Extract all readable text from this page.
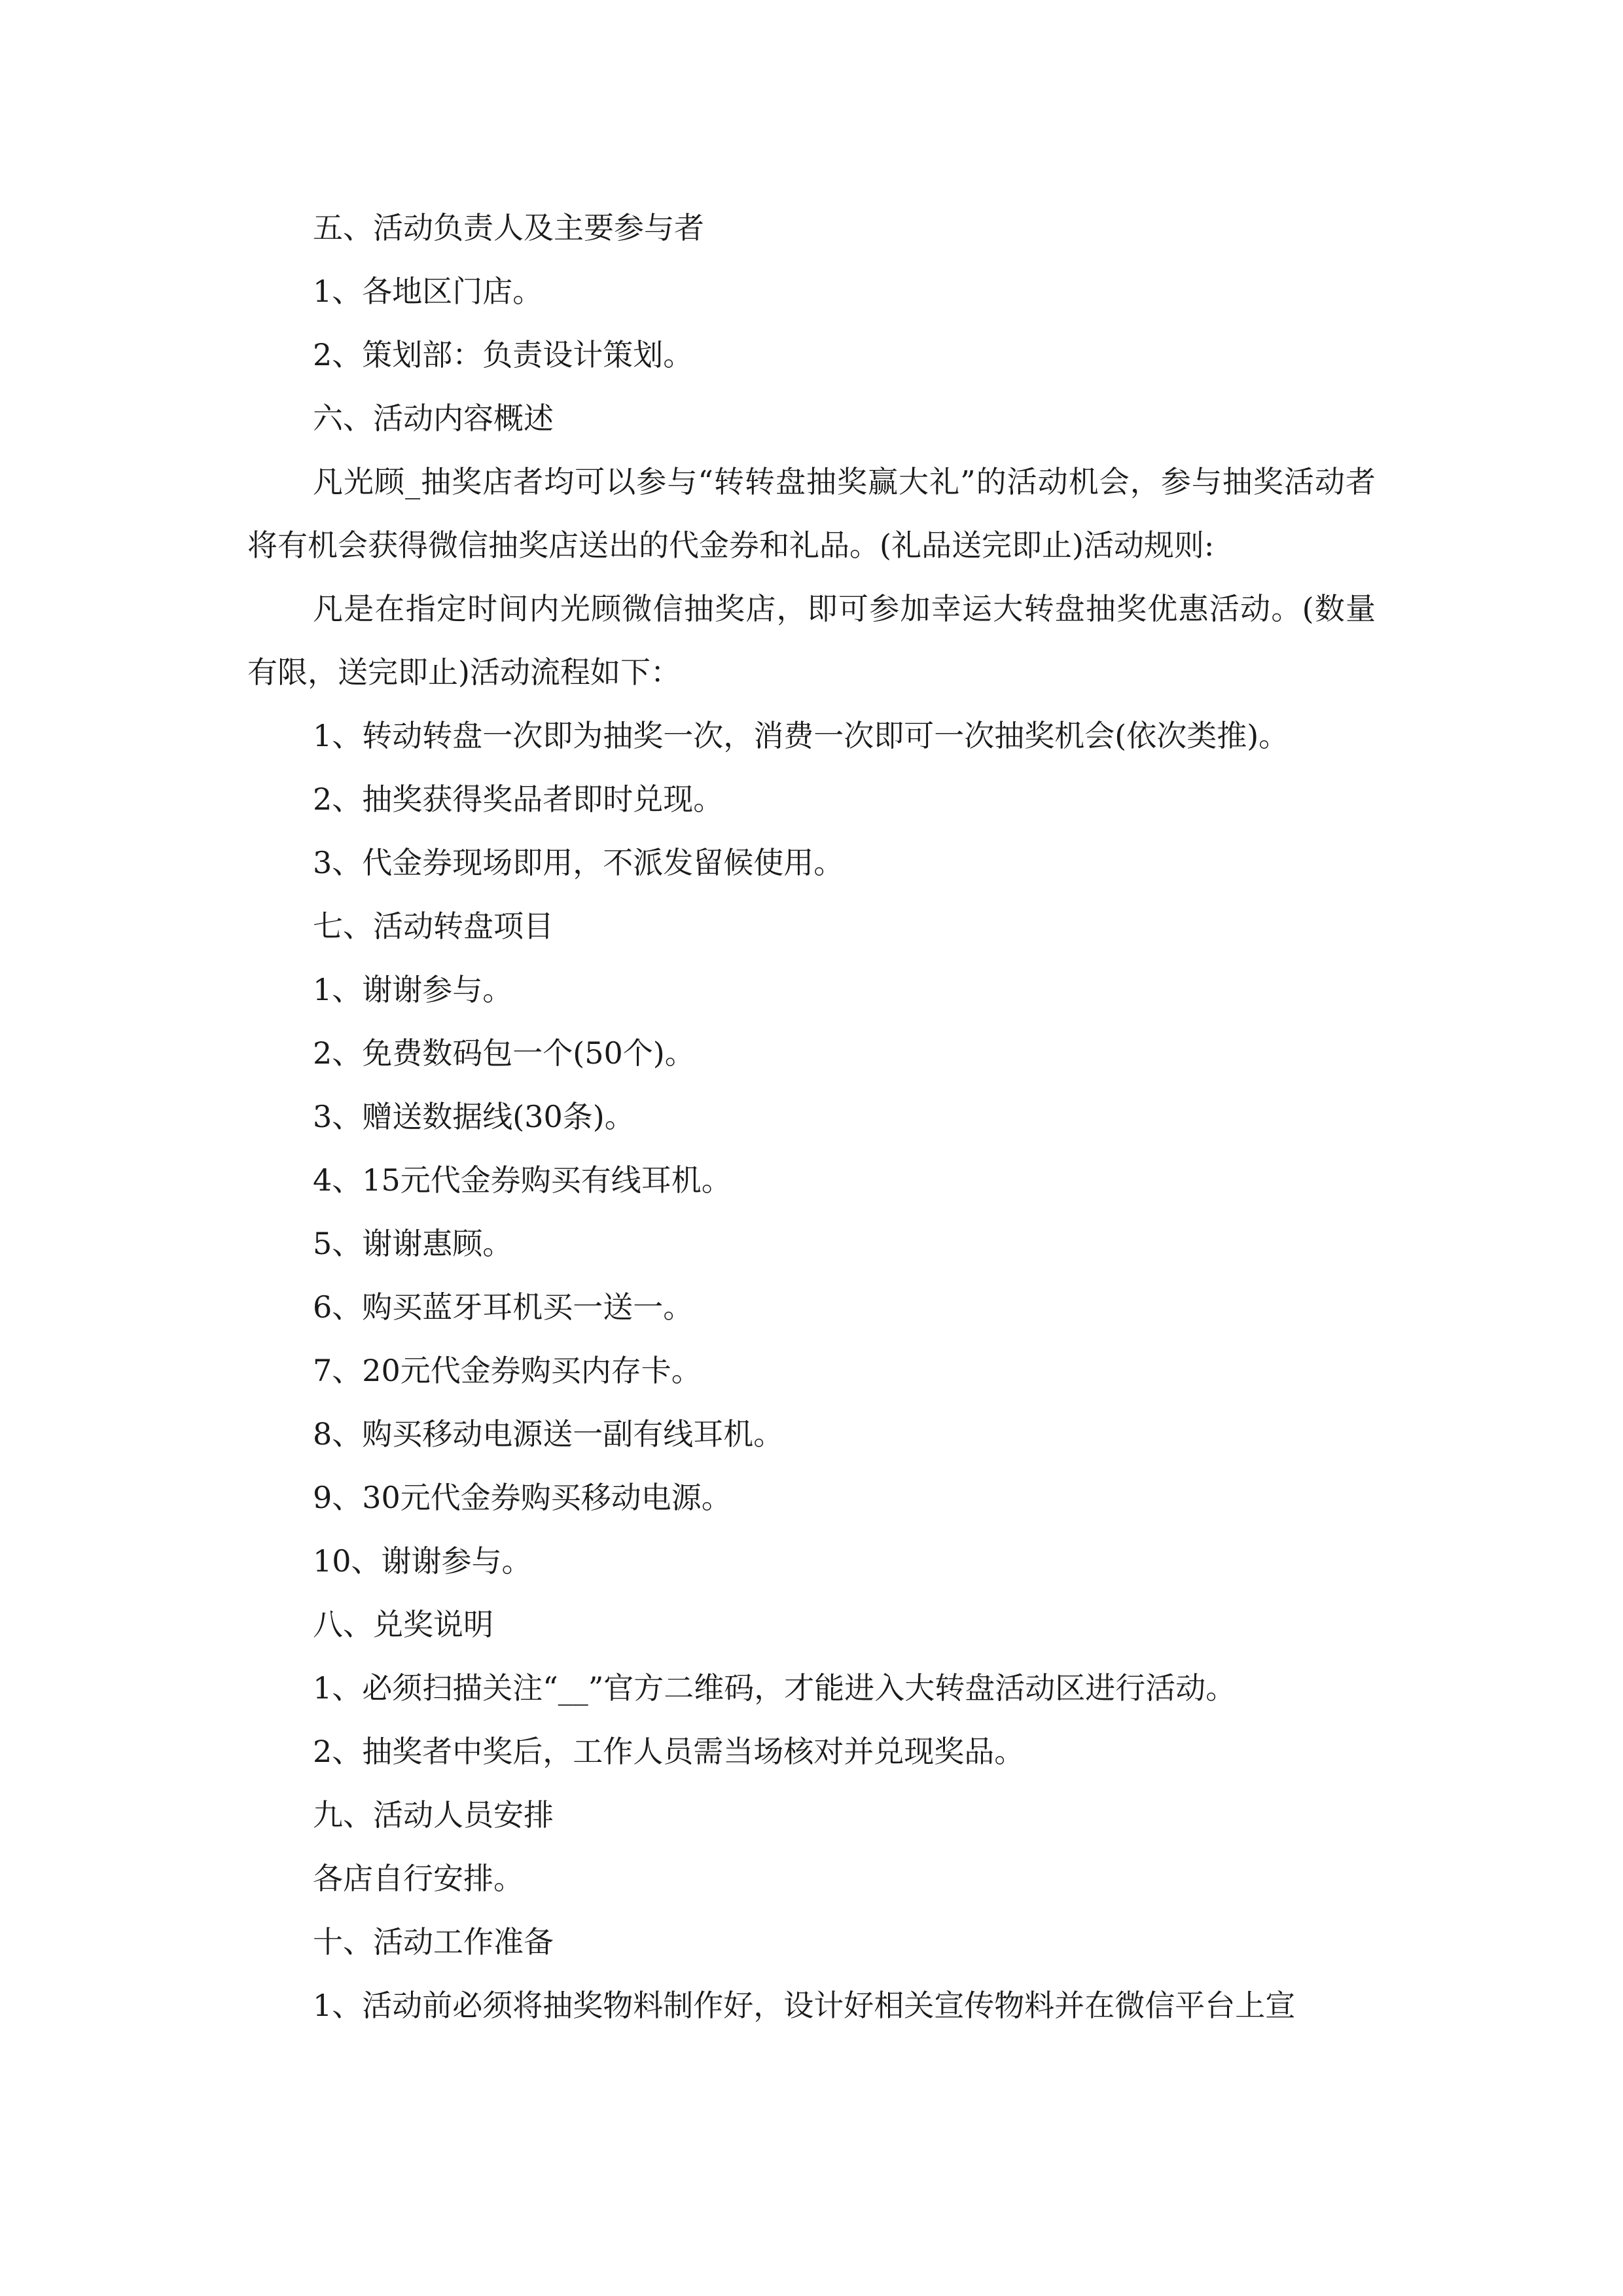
五、活动负责人及主要参与者
1、各地区门店。
2、策划部：负责设计策划。
六、活动内容概述
凡光顾_抽奖店者均可以参与“转转盘抽奖赢大礼”的活动机会，参与抽奖活动者将有机会获得微信抽奖店送出的代金券和礼品。(礼品送完即止)活动规则:
凡是在指定时间内光顾微信抽奖店，即可参加幸运大转盘抽奖优惠活动。(数量有限，送完即止)活动流程如下：
1、转动转盘一次即为抽奖一次，消费一次即可一次抽奖机会(依次类推)。
2、抽奖获得奖品者即时兑现。
3、代金券现场即用，不派发留候使用。
七、活动转盘项目
1、谢谢参与。
2、免费数码包一个(50个)。
3、赠送数据线(30条)。
4、15元代金券购买有线耳机。
5、谢谢惠顾。
6、购买蓝牙耳机买一送一。
7、20元代金券购买内存卡。
8、购买移动电源送一副有线耳机。
9、30元代金券购买移动电源。
10、谢谢参与。
八、兑奖说明
1、必须扫描关注“__”官方二维码，才能进入大转盘活动区进行活动。
2、抽奖者中奖后，工作人员需当场核对并兑现奖品。
九、活动人员安排
各店自行安排。
十、活动工作准备
1、活动前必须将抽奖物料制作好，设计好相关宣传物料并在微信平台上宣
